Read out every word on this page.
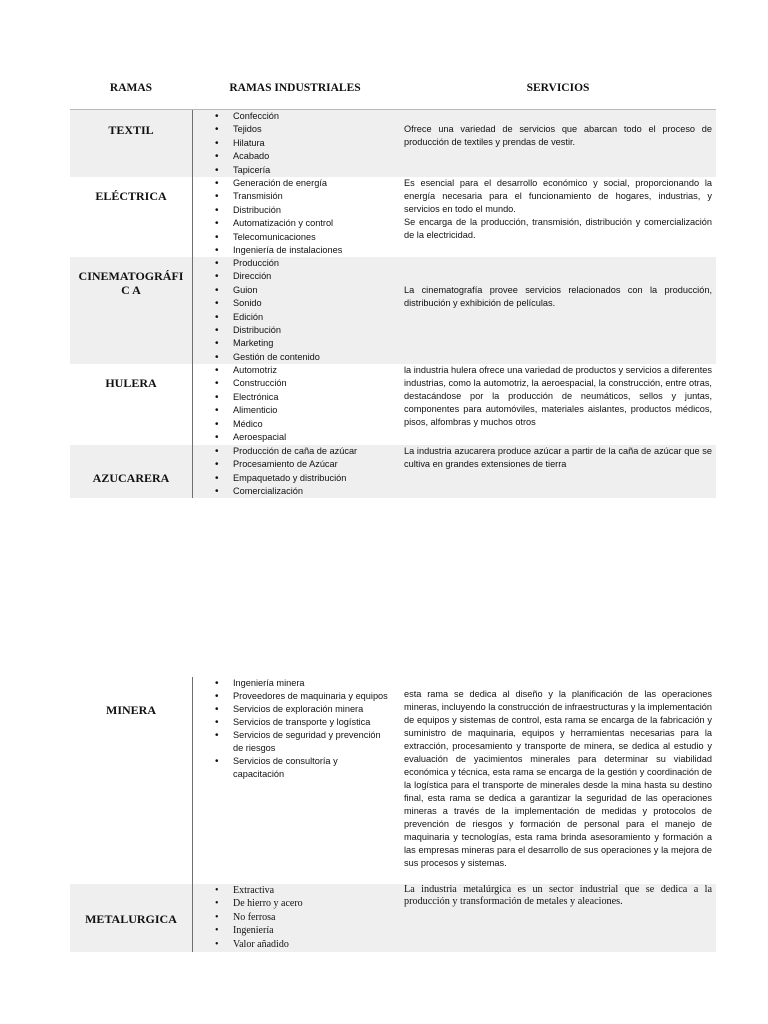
RAMAS	RAMAS INDUSTRIALES	SERVICIOS
TEXTIL
• Confección
• Tejidos
• Hilatura
• Acabado
• Tapicería
Ofrece una variedad de servicios que abarcan todo el proceso de producción de textiles y prendas de vestir.
ELÉCTRICA
• Generación de energía
• Transmisión
• Distribución
• Automatización y control
• Telecomunicaciones
• Ingeniería de instalaciones
Es esencial para el desarrollo económico y social, proporcionando la energía necesaria para el funcionamiento de hogares, industrias, y servicios en todo el mundo.
Se encarga de la producción, transmisión, distribución y comercialización de la electricidad.
CINEMATOGRÁFIC A
• Producción
• Dirección
• Guion
• Sonido
• Edición
• Distribución
• Marketing
• Gestión de contenido
La cinematografía provee servicios relacionados con la producción, distribución y exhibición de películas.
HULERA
• Automotriz
• Construcción
• Electrónica
• Alimenticio
• Médico
• Aeroespacial
la industria hulera ofrece una variedad de productos y servicios a diferentes industrias, como la automotriz, la aeroespacial, la construcción, entre otras, destacándose por la producción de neumáticos, sellos y juntas, componentes para automóviles, materiales aislantes, productos médicos, pisos, alfombras y muchos otros
AZUCARERA
• Producción de caña de azúcar
• Procesamiento de Azúcar
• Empaquetado y distribución
• Comercialización
La industria azucarera produce azúcar a partir de la caña de azúcar que se cultiva en grandes extensiones de tierra
MINERA
• Ingeniería minera
• Proveedores de maquinaria y equipos
• Servicios de exploración minera
• Servicios de transporte y logística
• Servicios de seguridad y prevención de riesgos
• Servicios de consultoría y capacitación
esta rama se dedica al diseño y la planificación de las operaciones mineras, incluyendo la construcción de infraestructuras y la implementación de equipos y sistemas de control, esta rama se encarga de la fabricación y suministro de maquinaria, equipos y herramientas necesarias para la extracción, procesamiento y transporte de minera, se dedica al estudio y evaluación de yacimientos minerales para determinar su viabilidad económica y técnica, esta rama se encarga de la gestión y coordinación de la logística para el transporte de minerales desde la mina hasta su destino final, esta rama se dedica a garantizar la seguridad de las operaciones mineras a través de la implementación de medidas y protocolos de prevención de riesgos y formación de personal para el manejo de maquinaria y tecnologías, esta rama brinda asesoramiento y formación a las empresas mineras para el desarrollo de sus operaciones y la mejora de sus procesos y sistemas.
METALURGICA
• Extractiva
• De hierro y acero
• No ferrosa
• Ingeniería
• Valor añadido
La industria metalúrgica es un sector industrial que se dedica a la producción y transformación de metales y aleaciones.
